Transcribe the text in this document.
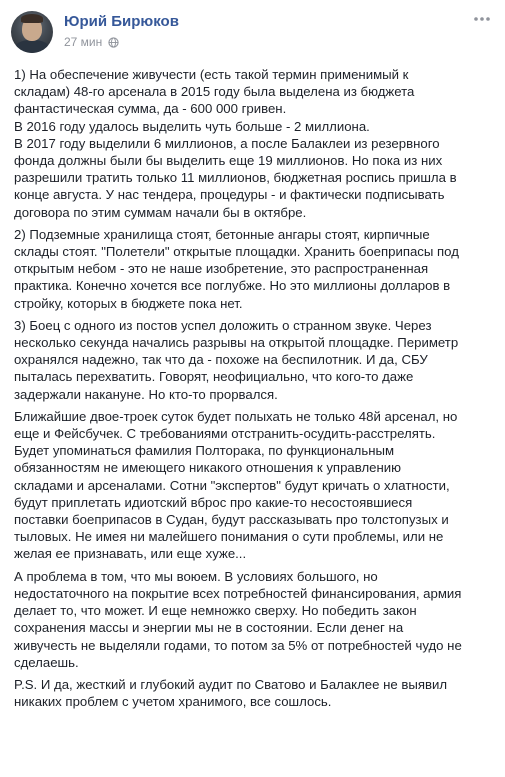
Юрий Бирюков
27 мин
1) На обеспечение живучести (есть такой термин применимый к
складам) 48-го арсенала в 2015 году была выделена из бюджета
фантастическая сумма, да - 600 000 гривен.
В 2016 году удалось выделить чуть больше - 2 миллиона.
В 2017 году выделили 6 миллионов, а после Балаклеи из резервного
фонда должны были бы выделить еще 19 миллионов. Но пока из них
разрешили тратить только 11 миллионов, бюджетная роспись пришла в
конце августа. У нас тендера, процедуры - и фактически подписывать
договора по этим суммам начали бы в октябре.
2) Подземные хранилища стоят, бетонные ангары стоят, кирпичные
склады стоят. "Полетели" открытые площадки. Хранить боеприпасы под
открытым небом - это не наше изобретение, это распространенная
практика. Конечно хочется все поглубже. Но это миллионы долларов в
стройку, которых в бюджете пока нет.
3) Боец с одного из постов успел доложить о странном звуке. Через
несколько секунда начались разрывы на открытой площадке. Периметр
охранялся надежно, так что да - похоже на беспилотник. И да, СБУ
пыталась перехватить. Говорят, неофициально, что кого-то даже
задержали накануне. Но кто-то прорвался.
Ближайшие двое-троек суток будет полыхать не только 48й арсенал, но
еще и Фейсбучек. С требованиями отстранить-осудить-расстрелять.
Будет упоминаться фамилия Полторака, по функциональным
обязанностям не имеющего никакого отношения к управлению
складами и арсеналами. Сотни "экспертов" будут кричать о хлатности,
будут приплетать идиотский вброс про какие-то несостоявшиеся
поставки боеприпасов в Судан, будут рассказывать про толстопузых и
тыловых. Не имея ни малейшего понимания о сути проблемы, или не
желая ее признавать, или еще хуже...
А проблема в том, что мы воюем. В условиях большого, но
недостаточного на покрытие всех потребностей финансирования, армия
делает то, что может. И еще немножко сверху. Но победить закон
сохранения массы и энергии мы не в состоянии. Если денег на
живучесть не выделяли годами, то потом за 5% от потребностей чудо не
сделаешь.
P.S. И да, жесткий и глубокий аудит по Сватово и Балаклее не выявил
никаких проблем с учетом хранимого, все сошлось.
